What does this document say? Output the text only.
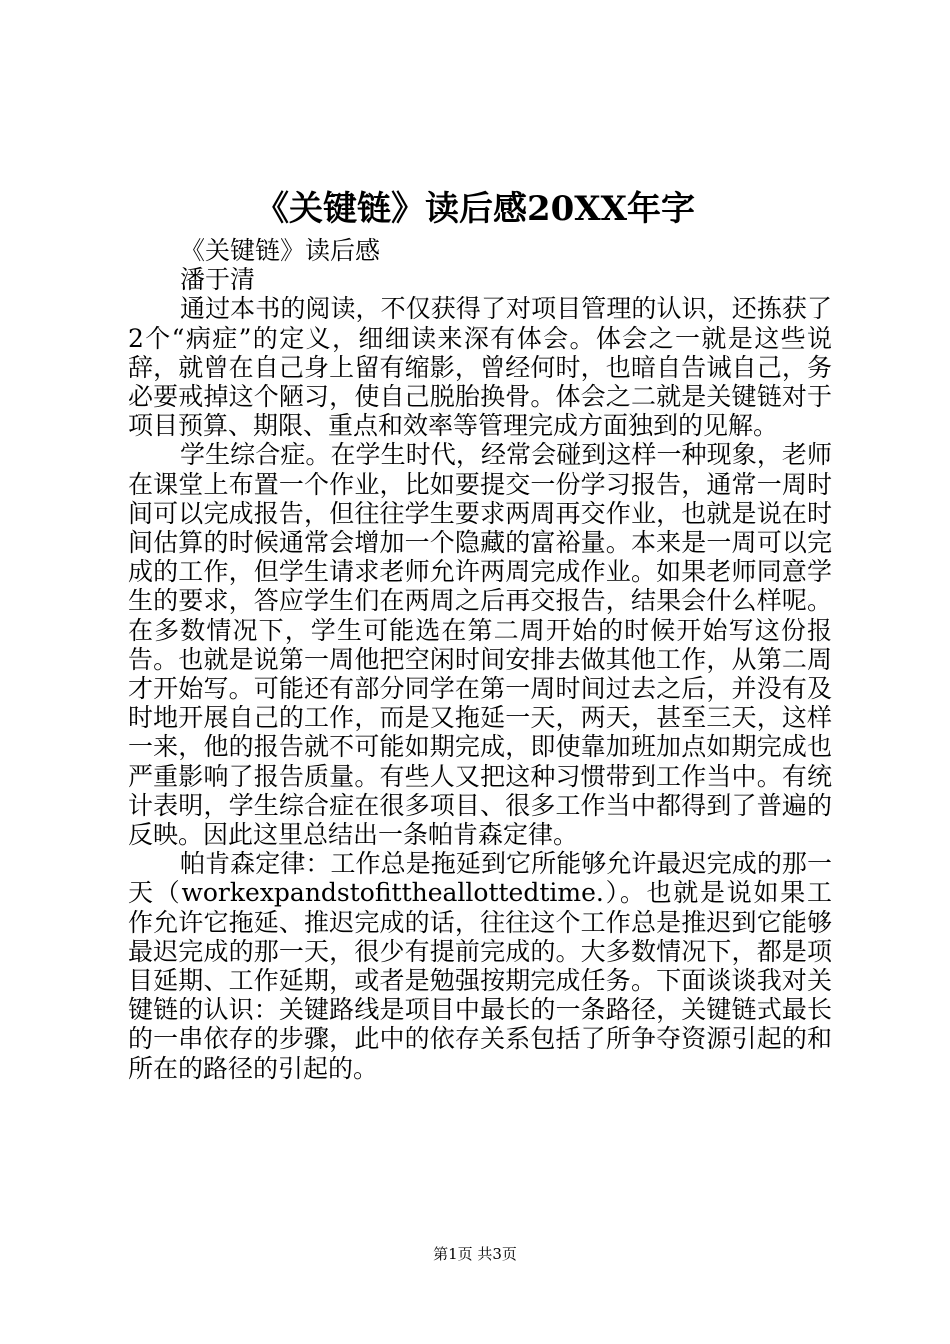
《关键链》读后感20XX年字

《关键链》读后感

潘于清

通过本书的阅读，不仅获得了对项目管理的认识，还拣获了2个“病症”的定义，细细读来深有体会。体会之一就是这些说辞，就曾在自己身上留有缩影，曾经何时，也暗自告诫自己，务必要戒掉这个陋习，使自己脱胎换骨。体会之二就是关键链对于项目预算、期限、重点和效率等管理完成方面独到的见解。

学生综合症。在学生时代，经常会碰到这样一种现象，老师在课堂上布置一个作业，比如要提交一份学习报告，通常一周时间可以完成报告，但往往学生要求两周再交作业，也就是说在时间估算的时候通常会增加一个隐藏的富裕量。本来是一周可以完成的工作，但学生请求老师允许两周完成作业。如果老师同意学生的要求，答应学生们在两周之后再交报告，结果会什么样呢。在多数情况下，学生可能选在第二周开始的时候开始写这份报告。也就是说第一周他把空闲时间安排去做其他工作，从第二周才开始写。可能还有部分同学在第一周时间过去之后，并没有及时地开展自己的工作，而是又拖延一天，两天，甚至三天，这样一来，他的报告就不可能如期完成，即使靠加班加点如期完成也严重影响了报告质量。有些人又把这种习惯带到工作当中。有统计表明，学生综合症在很多项目、很多工作当中都得到了普遍的反映。因此这里总结出一条帕肯森定律。

帕肯森定律：工作总是拖延到它所能够允许最迟完成的那一天（workexpandstofittheallottedtime.）。也就是说如果工作允许它拖延、推迟完成的话，往往这个工作总是推迟到它能够最迟完成的那一天，很少有提前完成的。大多数情况下，都是项目延期、工作延期，或者是勉强按期完成任务。下面谈谈我对关键链的认识：关键路线是项目中最长的一条路径，关键链式最长的一串依存的步骤，此中的依存关系包括了所争夺资源引起的和所在的路径的引起的。

第1页 共3页
